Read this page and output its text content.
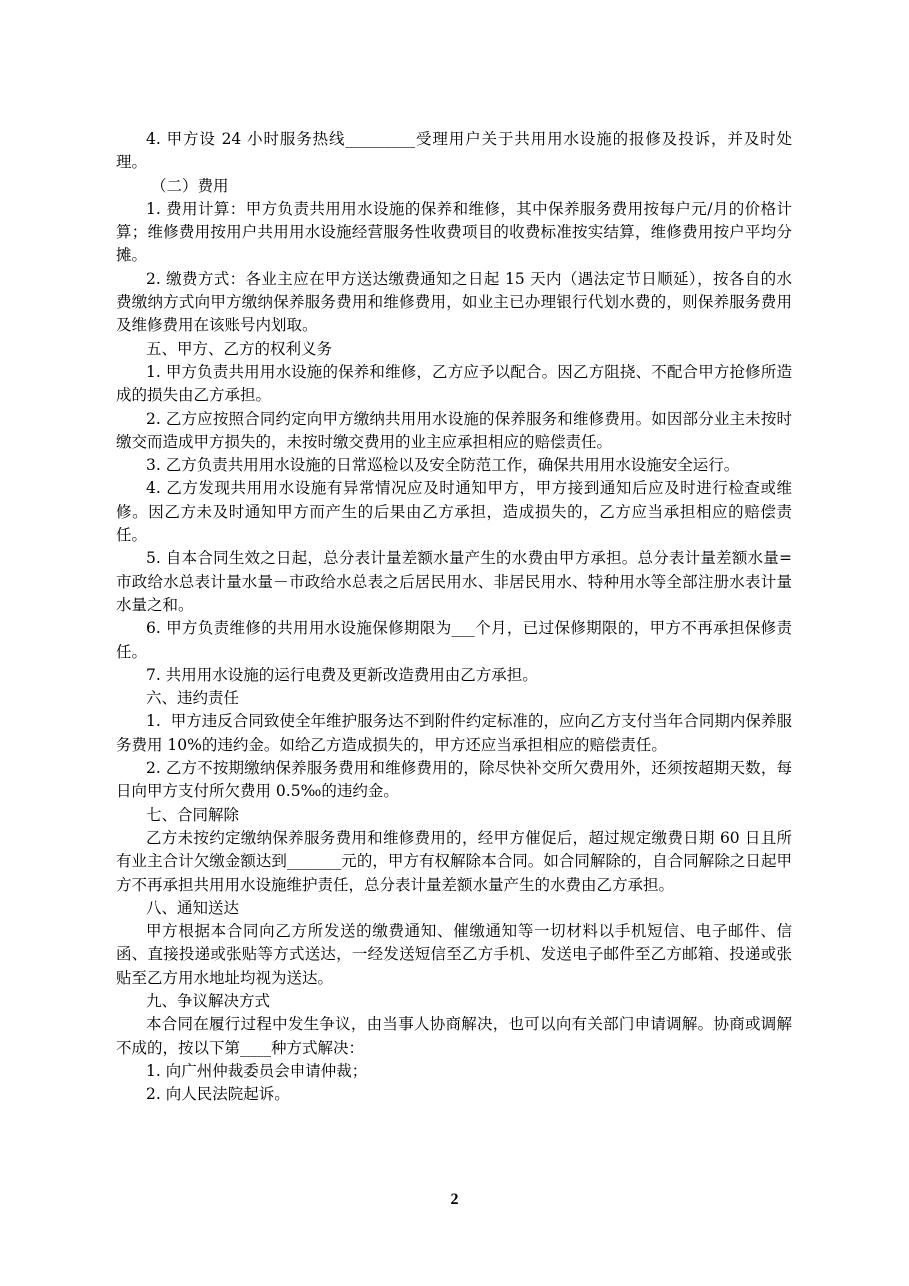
4. 甲方设 24 小时服务热线_________受理用户关于共用用水设施的报修及投诉，并及时处理。

（二）费用

1. 费用计算：甲方负责共用用水设施的保养和维修，其中保养服务费用按每户元/月的价格计算；维修费用按用户共用用水设施经营服务性收费项目的收费标准按实结算，维修费用按户平均分摊。

2. 缴费方式：各业主应在甲方送达缴费通知之日起 15 天内（遇法定节日顺延），按各自的水费缴纳方式向甲方缴纳保养服务费用和维修费用，如业主已办理银行代划水费的，则保养服务费用及维修费用在该账号内划取。

五、甲方、乙方的权利义务

1. 甲方负责共用用水设施的保养和维修，乙方应予以配合。因乙方阻挠、不配合甲方抢修所造成的损失由乙方承担。

2. 乙方应按照合同约定向甲方缴纳共用用水设施的保养服务和维修费用。如因部分业主未按时缴交而造成甲方损失的，未按时缴交费用的业主应承担相应的赔偿责任。

3. 乙方负责共用用水设施的日常巡检以及安全防范工作，确保共用用水设施安全运行。

4. 乙方发现共用用水设施有异常情况应及时通知甲方，甲方接到通知后应及时进行检查或维修。因乙方未及时通知甲方而产生的后果由乙方承担，造成损失的，乙方应当承担相应的赔偿责任。

5. 自本合同生效之日起，总分表计量差额水量产生的水费由甲方承担。总分表计量差额水量=市政给水总表计量水量－市政给水总表之后居民用水、非居民用水、特种用水等全部注册水表计量水量之和。

6. 甲方负责维修的共用用水设施保修期限为___个月，已过保修期限的，甲方不再承担保修责任。

7. 共用用水设施的运行电费及更新改造费用由乙方承担。

六、违约责任

1.  甲方违反合同致使全年维护服务达不到附件约定标准的，应向乙方支付当年合同期内保养服务费用 10%的违约金。如给乙方造成损失的，甲方还应当承担相应的赔偿责任。

2. 乙方不按期缴纳保养服务费用和维修费用的，除尽快补交所欠费用外，还须按超期天数，每日向甲方支付所欠费用 0.5‰的违约金。

七、合同解除

乙方未按约定缴纳保养服务费用和维修费用的，经甲方催促后，超过规定缴费日期 60 日且所有业主合计欠缴金额达到_______元的，甲方有权解除本合同。如合同解除的，自合同解除之日起甲方不再承担共用用水设施维护责任，总分表计量差额水量产生的水费由乙方承担。

八、通知送达

甲方根据本合同向乙方所发送的缴费通知、催缴通知等一切材料以手机短信、电子邮件、信函、直接投递或张贴等方式送达，一经发送短信至乙方手机、发送电子邮件至乙方邮箱、投递或张贴至乙方用水地址均视为送达。

九、争议解决方式

本合同在履行过程中发生争议，由当事人协商解决，也可以向有关部门申请调解。协商或调解不成的，按以下第____种方式解决：

1. 向广州仲裁委员会申请仲裁；

2. 向人民法院起诉。

2
